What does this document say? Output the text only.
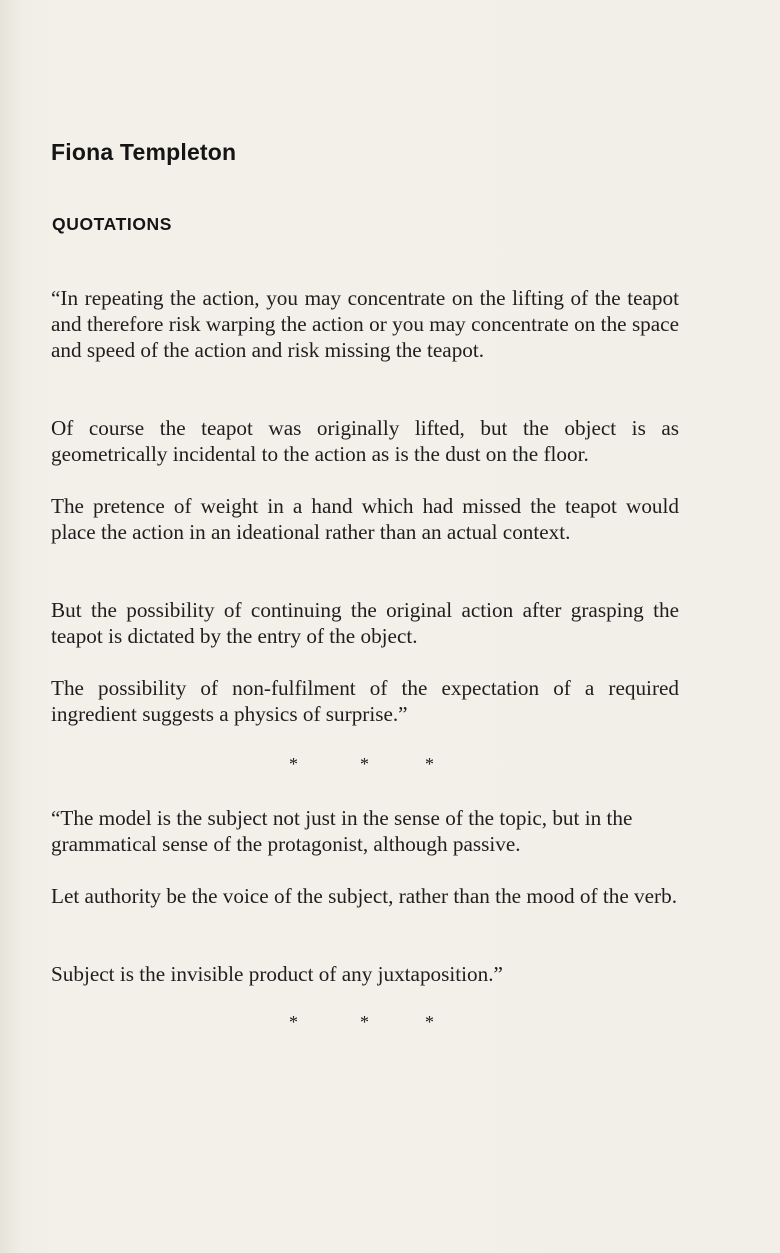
Fiona Templeton
QUOTATIONS

“In repeating the action, you may concentrate on the lifting of the teapot and therefore risk warping the action or you may concentrate on the space and speed of the action and risk missing the teapot.

Of course the teapot was originally lifted, but the object is as geometrically incidental to the action as is the dust on the floor.

The pretence of weight in a hand which had missed the teapot would place the action in an ideational rather than an actual context.

But the possibility of continuing the original action after grasping the teapot is dictated by the entry of the object.

The possibility of non-fulfilment of the expectation of a required ingredient suggests a physics of surprise.”

*	*	*

“The model is the subject not just in the sense of the topic, but in the grammatical sense of the protagonist, although passive.

Let authority be the voice of the subject, rather than the mood of the verb.

Subject is the invisible product of any juxtaposition.”

*	*	*
